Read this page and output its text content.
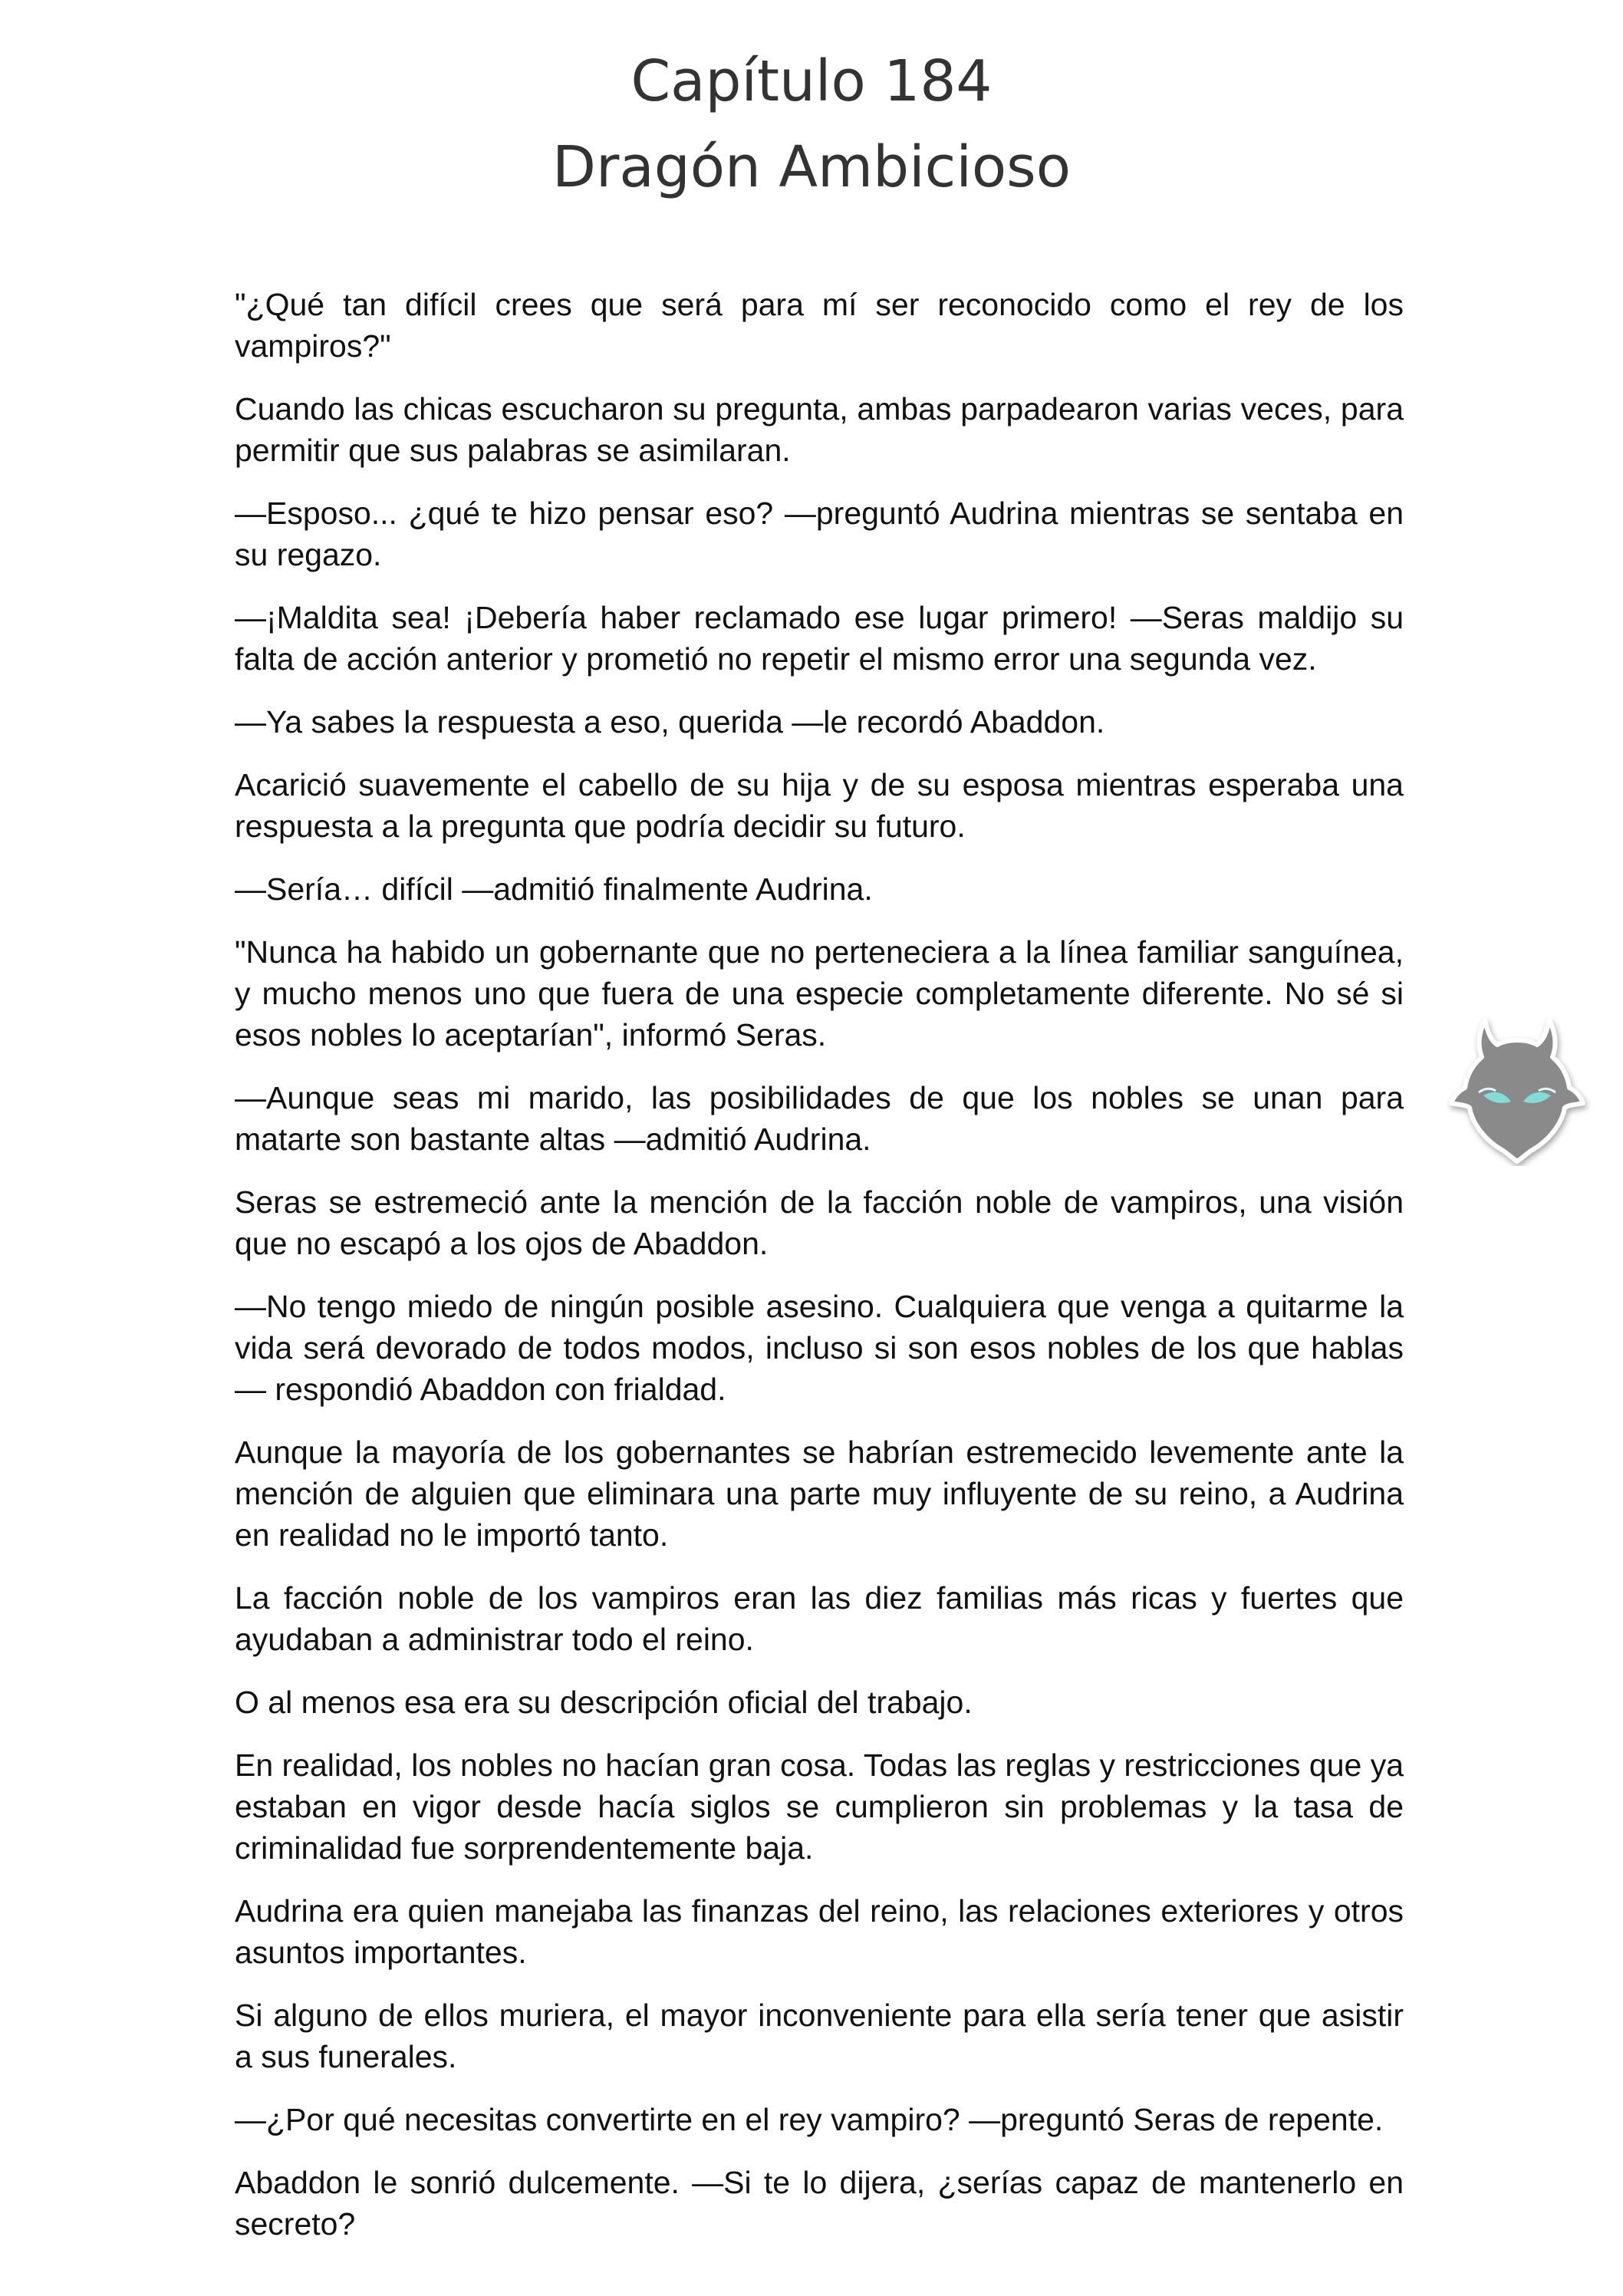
Capítulo 184
Dragón Ambicioso

"¿Qué tan difícil crees que será para mí ser reconocido como el rey de los vampiros?"

Cuando las chicas escucharon su pregunta, ambas parpadearon varias veces, para permitir que sus palabras se asimilaran.

—Esposo... ¿qué te hizo pensar eso? —preguntó Audrina mientras se sentaba en su regazo.

—¡Maldita sea! ¡Debería haber reclamado ese lugar primero! —Seras maldijo su falta de acción anterior y prometió no repetir el mismo error una segunda vez.

—Ya sabes la respuesta a eso, querida —le recordó Abaddon.

Acarició suavemente el cabello de su hija y de su esposa mientras esperaba una respuesta a la pregunta que podría decidir su futuro.

—Sería… difícil —admitió finalmente Audrina.

"Nunca ha habido un gobernante que no perteneciera a la línea familiar sanguínea, y mucho menos uno que fuera de una especie completamente diferente. No sé si esos nobles lo aceptarían", informó Seras.

—Aunque seas mi marido, las posibilidades de que los nobles se unan para matarte son bastante altas —admitió Audrina.

Seras se estremeció ante la mención de la facción noble de vampiros, una visión que no escapó a los ojos de Abaddon.

—No tengo miedo de ningún posible asesino. Cualquiera que venga a quitarme la vida será devorado de todos modos, incluso si son esos nobles de los que hablas — respondió Abaddon con frialdad.

Aunque la mayoría de los gobernantes se habrían estremecido levemente ante la mención de alguien que eliminara una parte muy influyente de su reino, a Audrina en realidad no le importó tanto.

La facción noble de los vampiros eran las diez familias más ricas y fuertes que ayudaban a administrar todo el reino.

O al menos esa era su descripción oficial del trabajo.

En realidad, los nobles no hacían gran cosa. Todas las reglas y restricciones que ya estaban en vigor desde hacía siglos se cumplieron sin problemas y la tasa de criminalidad fue sorprendentemente baja.

Audrina era quien manejaba las finanzas del reino, las relaciones exteriores y otros asuntos importantes.

Si alguno de ellos muriera, el mayor inconveniente para ella sería tener que asistir a sus funerales.

—¿Por qué necesitas convertirte en el rey vampiro? —preguntó Seras de repente.

Abaddon le sonrió dulcemente. —Si te lo dijera, ¿serías capaz de mantenerlo en secreto?
